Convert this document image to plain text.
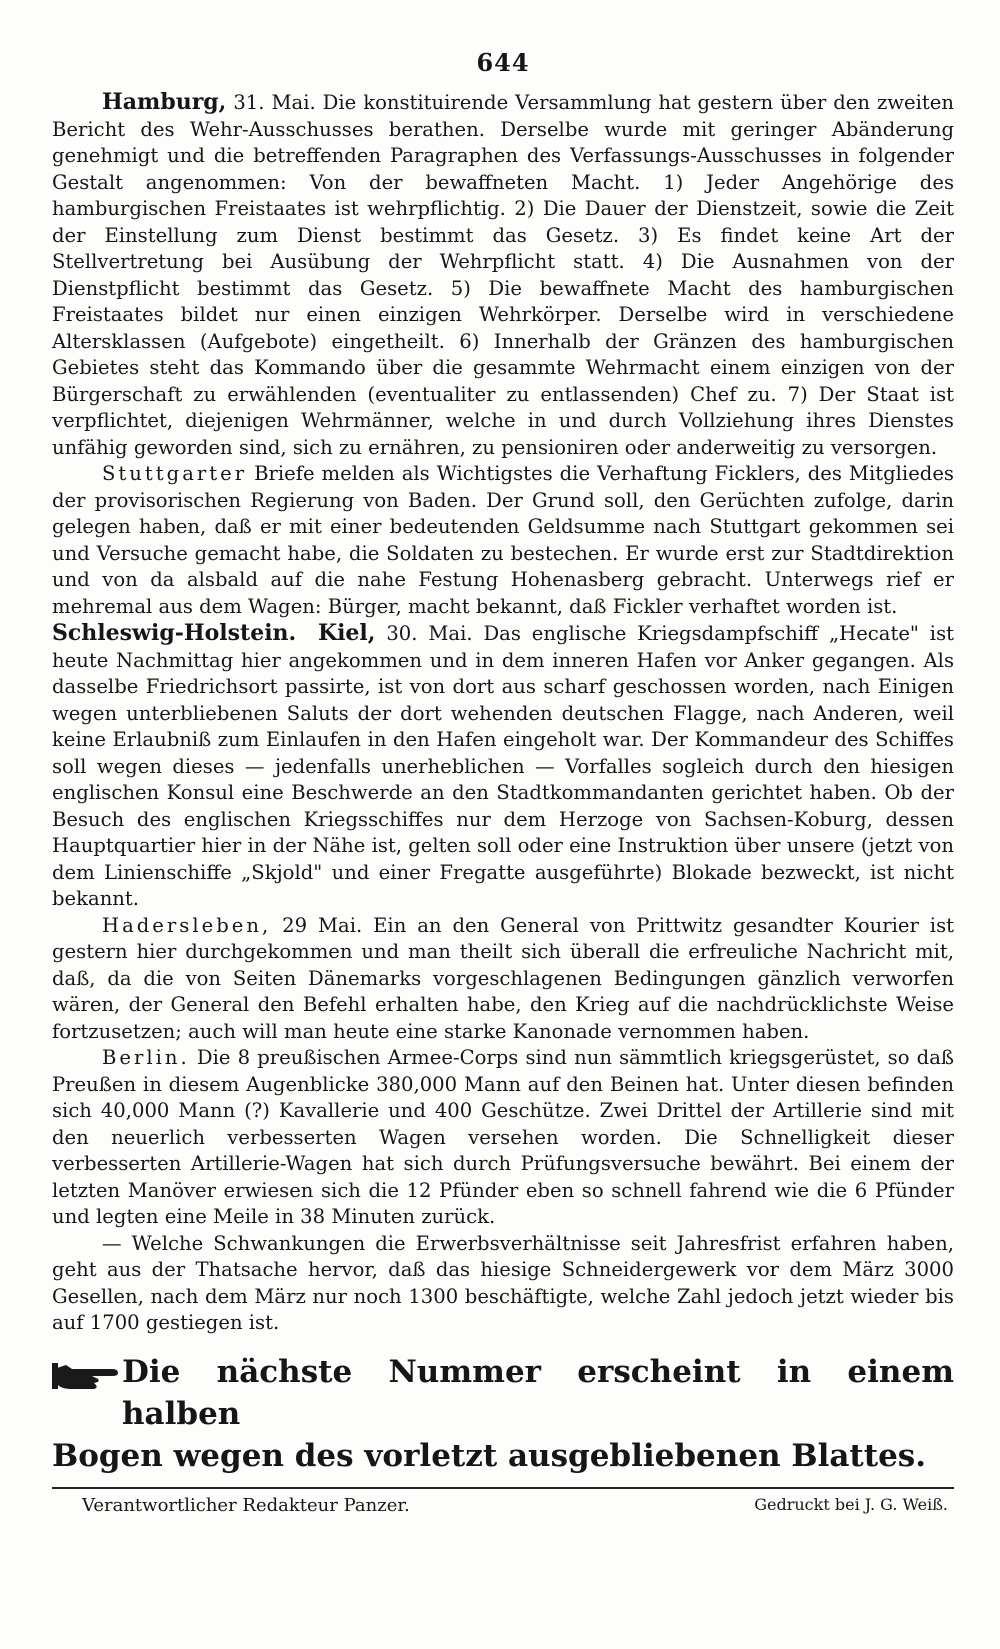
644

Hamburg, 31. Mai. Die konstituirende Versammlung hat gestern über den zweiten Bericht des Wehr-Ausschusses berathen. Derselbe wurde mit geringer Abänderung genehmigt und die betreffenden Paragraphen des Verfassungs-Ausschusses in folgender Gestalt angenommen: Von der bewaffneten Macht. 1) Jeder Angehörige des hamburgischen Freistaates ist wehrpflichtig. 2) Die Dauer der Dienstzeit, sowie die Zeit der Einstellung zum Dienst bestimmt das Gesetz. 3) Es findet keine Art der Stellvertretung bei Ausübung der Wehrpflicht statt. 4) Die Ausnahmen von der Dienstpflicht bestimmt das Gesetz. 5) Die bewaffnete Macht des hamburgischen Freistaates bildet nur einen einzigen Wehrkörper. Derselbe wird in verschiedene Altersklassen (Aufgebote) eingetheilt. 6) Innerhalb der Gränzen des hamburgischen Gebietes steht das Kommando über die gesammte Wehrmacht einem einzigen von der Bürgerschaft zu erwählenden (eventualiter zu entlassenden) Chef zu. 7) Der Staat ist verpflichtet, diejenigen Wehrmänner, welche in und durch Vollziehung ihres Dienstes unfähig geworden sind, sich zu ernähren, zu pensioniren oder anderweitig zu versorgen.

Stuttgarter Briefe melden als Wichtigstes die Verhaftung Ficklers, des Mitgliedes der provisorischen Regierung von Baden. Der Grund soll, den Gerüchten zufolge, darin gelegen haben, daß er mit einer bedeutenden Geldsumme nach Stuttgart gekommen sei und Versuche gemacht habe, die Soldaten zu bestechen. Er wurde erst zur Stadtdirektion und von da alsbald auf die nahe Festung Hohenasberg gebracht. Unterwegs rief er mehremal aus dem Wagen: Bürger, macht bekannt, daß Fickler verhaftet worden ist.

Schleswig-Holstein. Kiel, 30. Mai. Das englische Kriegsdampfschiff „Hecate" ist heute Nachmittag hier angekommen und in dem inneren Hafen vor Anker gegangen. Als dasselbe Friedrichsort passirte, ist von dort aus scharf geschossen worden, nach Einigen wegen unterbliebenen Saluts der dort wehenden deutschen Flagge, nach Anderen, weil keine Erlaubniß zum Einlaufen in den Hafen eingeholt war. Der Kommandeur des Schiffes soll wegen dieses — jedenfalls unerheblichen — Vorfalles sogleich durch den hiesigen englischen Konsul eine Beschwerde an den Stadtkommandanten gerichtet haben. Ob der Besuch des englischen Kriegsschiffes nur dem Herzoge von Sachsen-Koburg, dessen Hauptquartier hier in der Nähe ist, gelten soll oder eine Instruktion über unsere (jetzt von dem Linienschiffe „Skjold" und einer Fregatte ausgeführte) Blokade bezweckt, ist nicht bekannt.

Hadersleben, 29 Mai. Ein an den General von Prittwitz gesandter Kourier ist gestern hier durchgekommen und man theilt sich überall die erfreuliche Nachricht mit, daß, da die von Seiten Dänemarks vorgeschlagenen Bedingungen gänzlich verworfen wären, der General den Befehl erhalten habe, den Krieg auf die nachdrücklichste Weise fortzusetzen; auch will man heute eine starke Kanonade vernommen haben.

Berlin. Die 8 preußischen Armee-Corps sind nun sämmtlich kriegsgerüstet, so daß Preußen in diesem Augenblicke 380,000 Mann auf den Beinen hat. Unter diesen befinden sich 40,000 Mann (?) Kavallerie und 400 Geschütze. Zwei Drittel der Artillerie sind mit den neuerlich verbesserten Wagen versehen worden. Die Schnelligkeit dieser verbesserten Artillerie-Wagen hat sich durch Prüfungsversuche bewährt. Bei einem der letzten Manöver erwiesen sich die 12 Pfünder eben so schnell fahrend wie die 6 Pfünder und legten eine Meile in 38 Minuten zurück.

— Welche Schwankungen die Erwerbsverhältnisse seit Jahresfrist erfahren haben, geht aus der Thatsache hervor, daß das hiesige Schneidergewerk vor dem März 3000 Gesellen, nach dem März nur noch 1300 beschäftigte, welche Zahl jedoch jetzt wieder bis auf 1700 gestiegen ist.

Die nächste Nummer erscheint in einem halben
Bogen wegen des vorletzt ausgebliebenen Blattes.
Verantwortlicher Redakteur Panzer.	Gedruckt bei J. G. Weiß.
